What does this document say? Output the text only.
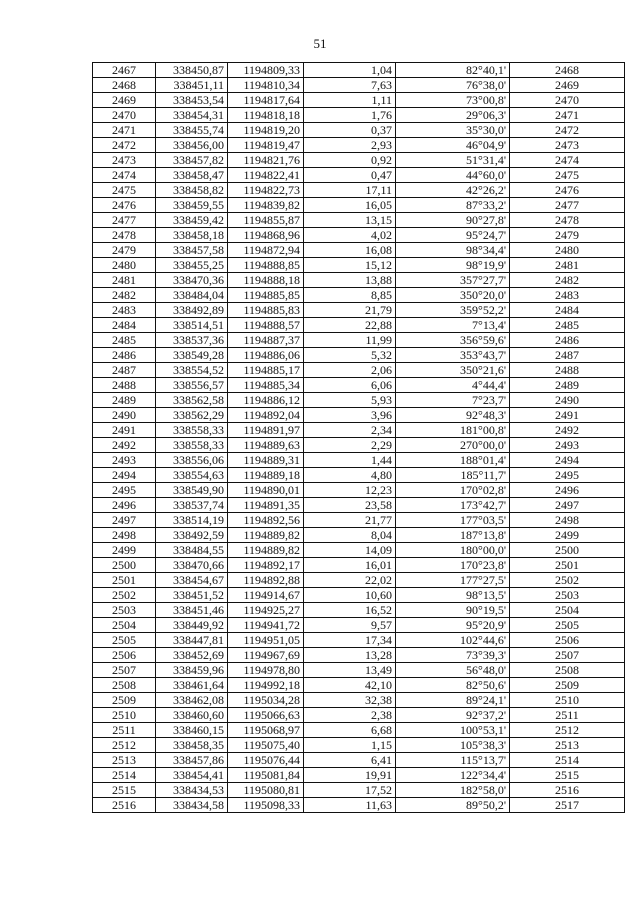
51
2467	338450,87	1194809,33	1,04	82°40,1'	2468
2468	338451,11	1194810,34	7,63	76°38,0'	2469
2469	338453,54	1194817,64	1,11	73°00,8'	2470
2470	338454,31	1194818,18	1,76	29°06,3'	2471
2471	338455,74	1194819,20	0,37	35°30,0'	2472
2472	338456,00	1194819,47	2,93	46°04,9'	2473
2473	338457,82	1194821,76	0,92	51°31,4'	2474
2474	338458,47	1194822,41	0,47	44°60,0'	2475
2475	338458,82	1194822,73	17,11	42°26,2'	2476
2476	338459,55	1194839,82	16,05	87°33,2'	2477
2477	338459,42	1194855,87	13,15	90°27,8'	2478
2478	338458,18	1194868,96	4,02	95°24,7'	2479
2479	338457,58	1194872,94	16,08	98°34,4'	2480
2480	338455,25	1194888,85	15,12	98°19,9'	2481
2481	338470,36	1194888,18	13,88	357°27,7'	2482
2482	338484,04	1194885,85	8,85	350°20,0'	2483
2483	338492,89	1194885,83	21,79	359°52,2'	2484
2484	338514,51	1194888,57	22,88	7°13,4'	2485
2485	338537,36	1194887,37	11,99	356°59,6'	2486
2486	338549,28	1194886,06	5,32	353°43,7'	2487
2487	338554,52	1194885,17	2,06	350°21,6'	2488
2488	338556,57	1194885,34	6,06	4°44,4'	2489
2489	338562,58	1194886,12	5,93	7°23,7'	2490
2490	338562,29	1194892,04	3,96	92°48,3'	2491
2491	338558,33	1194891,97	2,34	181°00,8'	2492
2492	338558,33	1194889,63	2,29	270°00,0'	2493
2493	338556,06	1194889,31	1,44	188°01,4'	2494
2494	338554,63	1194889,18	4,80	185°11,7'	2495
2495	338549,90	1194890,01	12,23	170°02,8'	2496
2496	338537,74	1194891,35	23,58	173°42,7'	2497
2497	338514,19	1194892,56	21,77	177°03,5'	2498
2498	338492,59	1194889,82	8,04	187°13,8'	2499
2499	338484,55	1194889,82	14,09	180°00,0'	2500
2500	338470,66	1194892,17	16,01	170°23,8'	2501
2501	338454,67	1194892,88	22,02	177°27,5'	2502
2502	338451,52	1194914,67	10,60	98°13,5'	2503
2503	338451,46	1194925,27	16,52	90°19,5'	2504
2504	338449,92	1194941,72	9,57	95°20,9'	2505
2505	338447,81	1194951,05	17,34	102°44,6'	2506
2506	338452,69	1194967,69	13,28	73°39,3'	2507
2507	338459,96	1194978,80	13,49	56°48,0'	2508
2508	338461,64	1194992,18	42,10	82°50,6'	2509
2509	338462,08	1195034,28	32,38	89°24,1'	2510
2510	338460,60	1195066,63	2,38	92°37,2'	2511
2511	338460,15	1195068,97	6,68	100°53,1'	2512
2512	338458,35	1195075,40	1,15	105°38,3'	2513
2513	338457,86	1195076,44	6,41	115°13,7'	2514
2514	338454,41	1195081,84	19,91	122°34,4'	2515
2515	338434,53	1195080,81	17,52	182°58,0'	2516
2516	338434,58	1195098,33	11,63	89°50,2'	2517
